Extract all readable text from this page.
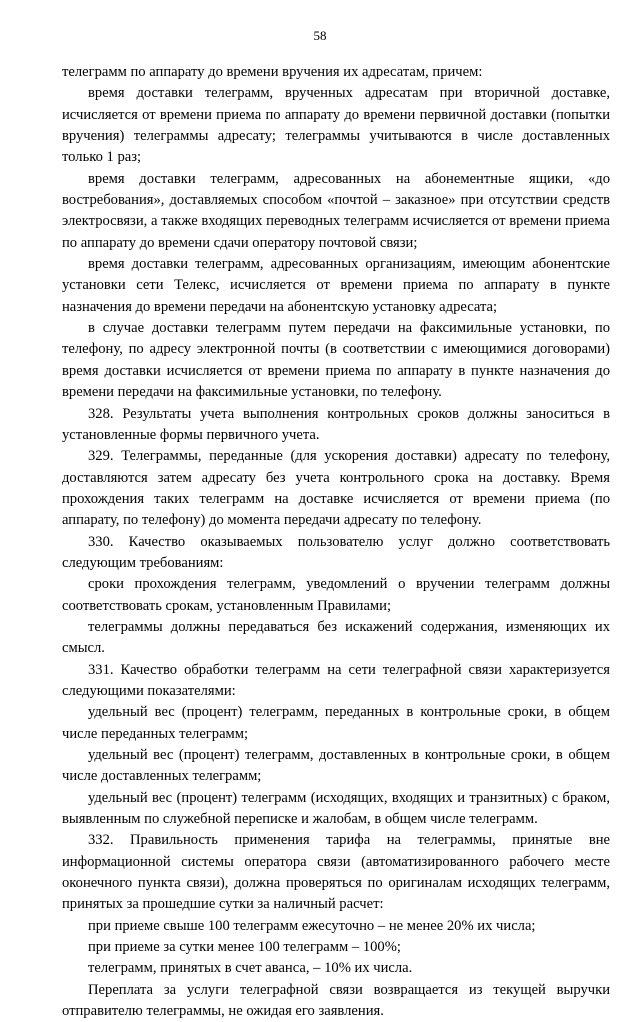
58

телеграмм по аппарату до времени вручения их адресатам, причем:

время доставки телеграмм, врученных адресатам при вторичной доставке, исчисляется от времени приема по аппарату до времени первичной доставки (попытки вручения) телеграммы адресату; телеграммы учитываются в числе доставленных только 1 раз;

время доставки телеграмм, адресованных на абонементные ящики, «до востребования», доставляемых способом «почтой – заказное» при отсутствии средств электросвязи, а также входящих переводных телеграмм исчисляется от времени приема по аппарату до времени сдачи оператору почтовой связи;

время доставки телеграмм, адресованных организациям, имеющим абонентские установки сети Телекс, исчисляется от времени приема по аппарату в пункте назначения до времени передачи на абонентскую установку адресата;

в случае доставки телеграмм путем передачи на факсимильные установки, по телефону, по адресу электронной почты (в соответствии с имеющимися договорами) время доставки исчисляется от времени приема по аппарату в пункте назначения до времени передачи на факсимильные установки, по телефону.

328. Результаты учета выполнения контрольных сроков должны заноситься в установленные формы первичного учета.

329. Телеграммы, переданные (для ускорения доставки) адресату по телефону, доставляются затем адресату без учета контрольного срока на доставку. Время прохождения таких телеграмм на доставке исчисляется от времени приема (по аппарату, по телефону) до момента передачи адресату по телефону.

330. Качество оказываемых пользователю услуг должно соответствовать следующим требованиям:

сроки прохождения телеграмм, уведомлений о вручении телеграмм должны соответствовать срокам, установленным Правилами;

телеграммы должны передаваться без искажений содержания, изменяющих их смысл.

331. Качество обработки телеграмм на сети телеграфной связи характеризуется следующими показателями:

удельный вес (процент) телеграмм, переданных в контрольные сроки, в общем числе переданных телеграмм;

удельный вес (процент) телеграмм, доставленных в контрольные сроки, в общем числе доставленных телеграмм;

удельный вес (процент) телеграмм (исходящих, входящих и транзитных) с браком, выявленным по служебной переписке и жалобам, в общем числе телеграмм.

332. Правильность применения тарифа на телеграммы, принятые вне информационной системы оператора связи (автоматизированного рабочего месте оконечного пункта связи), должна проверяться по оригиналам исходящих телеграмм, принятых за прошедшие сутки за наличный расчет:

при приеме свыше 100 телеграмм ежесуточно – не менее 20% их числа;

при приеме за сутки менее 100 телеграмм – 100%;

телеграмм, принятых в счет аванса, – 10% их числа.

Переплата за услуги телеграфной связи возвращается из текущей выручки отправителю телеграммы, не ожидая его заявления.
